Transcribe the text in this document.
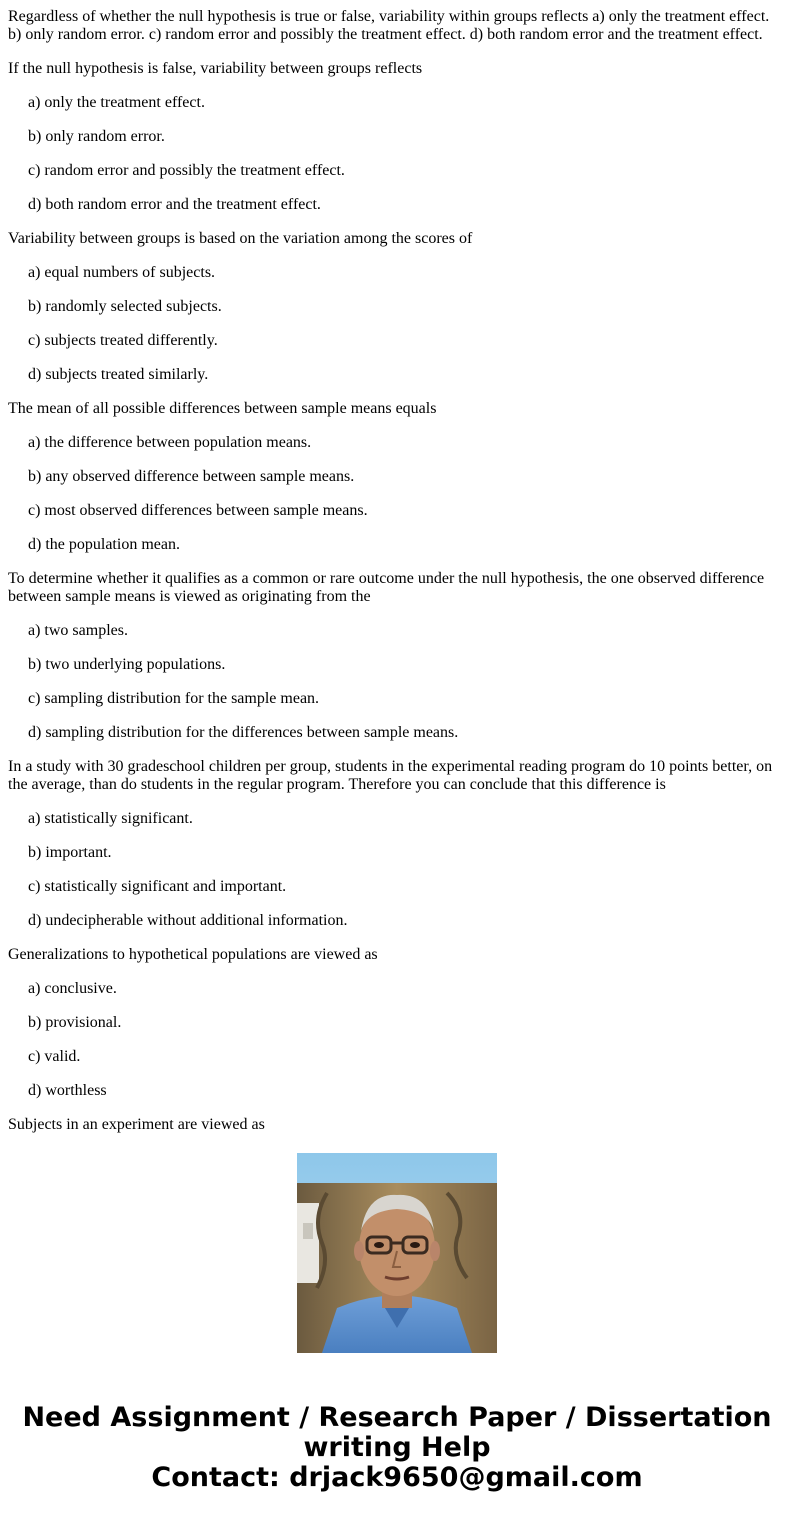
Regardless of whether the null hypothesis is true or false, variability within groups reflects a) only the treatment effect. b) only random error. c) random error and possibly the treatment effect. d) both random error and the treatment effect.

If the null hypothesis is false, variability between groups reflects

a) only the treatment effect.

b) only random error.

c) random error and possibly the treatment effect.

d) both random error and the treatment effect.

Variability between groups is based on the variation among the scores of

a) equal numbers of subjects.

b) randomly selected subjects.

c) subjects treated differently.

d) subjects treated similarly.

The mean of all possible differences between sample means equals

a) the difference between population means.

b) any observed difference between sample means.

c) most observed differences between sample means.

d) the population mean.

To determine whether it qualifies as a common or rare outcome under the null hypothesis, the one observed difference between sample means is viewed as originating from the

a) two samples.

b) two underlying populations.

c) sampling distribution for the sample mean.

d) sampling distribution for the differences between sample means.

In a study with 30 gradeschool children per group, students in the experimental reading program do 10 points better, on the average, than do students in the regular program. Therefore you can conclude that this difference is

a) statistically significant.

b) important.

c) statistically significant and important.

d) undecipherable without additional information.

Generalizations to hypothetical populations are viewed as

a) conclusive.

b) provisional.

c) valid.

d) worthless

Subjects in an experiment are viewed as

Need Assignment / Research Paper / Dissertation
writing Help
Contact: drjack9650@gmail.com
